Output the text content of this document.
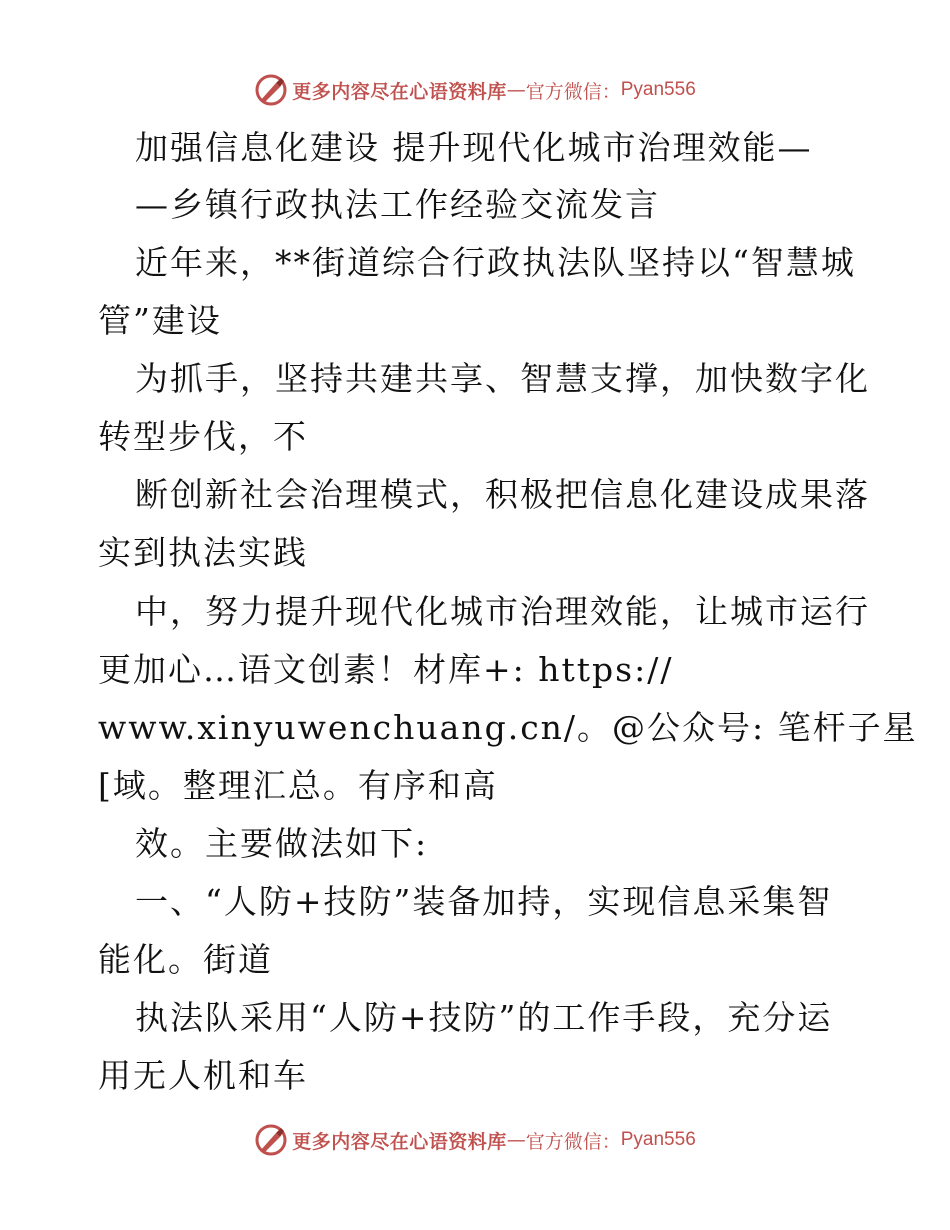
更多内容尽在心语资料库 — 官方微信： Pyan556

加强信息化建设 提升现代化城市治理效能—

—乡镇行政执法工作经验交流发言

近年来，**街道综合行政执法队坚持以“智慧城

管”建设

为抓手，坚持共建共享、智慧支撑，加快数字化

转型步伐，不

断创新社会治理模式，积极把信息化建设成果落

实到执法实践

中，努力提升现代化城市治理效能，让城市运行

更加心…语文创素！材库+: https://

www.xinyuwenchuang.cn/。@公众号: 笔杆子星

[域。整理汇总。有序和高

效。主要做法如下:

一、“人防+技防”装备加持，实现信息采集智

能化。街道

执法队采用“人防+技防”的工作手段，充分运

用无人机和车

更多内容尽在心语资料库 — 官方微信： Pyan556
